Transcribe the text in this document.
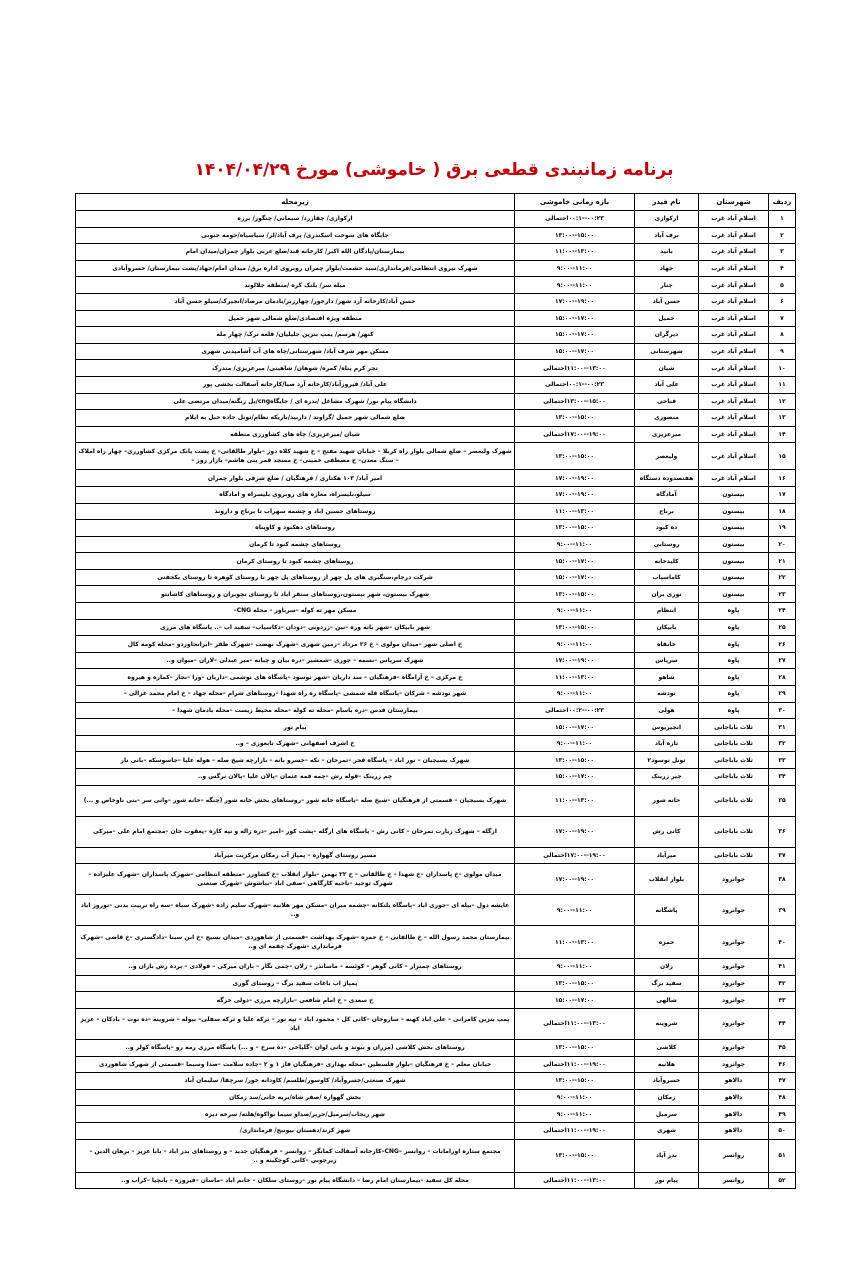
برنامه زمانبندی قطعی برق ( خاموشی) مورخ ۱۴۰۴/۰۴/۲۹
ردیف	شهرستان	نام فیدر	بازه زمانی خاموشی	زیرمحله
۱	اسلام آباد غرب	ارکوازی	۰۰:۲۳--۰۰:۱احتمالی	ارکوازی/ چقازرد/ سیمانی/ چنگور/ برزه
۲	اسلام آباد غرب	برف آباد	۱۵:۰۰--۱۳:۰۰	جایگاه های سوخت اسکندری/ برف آباد/لر/ سیاسیاه/حومه جنوبی
۳	اسلام آباد غرب	بانید	۱۳:۰۰--۱۱:۰۰	بیمارستان/پادگان الله اکبر/ کارخانه قند/ضلع غربی بلوار چمران/میدان امام
۴	اسلام آباد غرب	جهاد	۱۱:۰۰--۹:۰۰	شهرک نیروی انتظامی/فرمانداری/سید حشمت/بلوار چمران روبروی اداره برق/ میدان امام/جهاد/پشت بیمارستان/ خسروآبادی
۵	اسلام آباد غرب	چنار	۱۱:۰۰--۹:۰۰	میله سر/ بلنک کره /منطقه جلالوند
۶	اسلام آباد غرب	حسن آباد	۱۹:۰۰--۱۷:۰۰	حسن آباد/کارخانه آرد شهر/ دارخور/ چهارزبر/بادمان مرصاد/انجیرک/سیلو حسن آباد
۷	اسلام آباد غرب	حمیل	۱۷:۰۰--۱۵:۰۰	منطقه ویژه اقتصادی/ضلع شمالی شهر حمیل
۸	اسلام آباد غرب	دیرگران	۱۷:۰۰--۱۵:۰۰	کنهر/ هرسم/ پمپ بنزین جلیلیان/ قلعه ترک/ چهار مله
۹	اسلام آباد غرب	شهرستانی	۱۷:۰۰--۱۵:۰۰	مسکن مهر شرف آباد/ شهرستانی/چاه های آب آشامیدنی شهری
۱۰	اسلام آباد غرب	شیان	۱۳:۰۰--۱۱:۰۰احتمالی	تجر کرم پناه/ کمره/ شوهان/ شاهینی/ میرعزیزی/ مندرک
۱۱	اسلام آباد غرب	علی آباد	۰۰:۲۳--۰۰:۱احتمالی	علی آباد/ فیروزآباد/کارخانه آرد صبا/کارخانه آسفالت بخشی پور
۱۲	اسلام آباد غرب	فناحی	۱۵:۰۰--۱۳:۰۰احتمالی	دانشگاه پیام نور/ شهرک مشاغل /بدره ای / جایگاهcng/پل زنگنه/میدان مرتضی علی
۱۳	اسلام آباد غرب	منصوری	۱۵:۰۰--۱۳:۰۰	ضلع شمالی شهر حمیل /گراوند / داربید/باریکه نظام/تونل جاده حبل به ایلام
۱۴	اسلام آباد غرب	میرعزیزی	۱۹:۰۰--۱۷:۰۰احتمالی	شیان /میرعزیزی/ چاه های کشاورزی منطقه
۱۵	اسلام آباد غرب	ولیعصر	۱۵:۰۰--۱۳:۰۰	شهرک ولیعصر – ضلع شمالی بلوار راه کربلا – خیابان شهید مفتح – خ شهید کلاه دوز –بلوار طالقانی– خ پشت بانک مرکزی کشاورزی– چهار راه املاک – سنگ معدن– خ مصطفی خمینی– خ مسجد قمر بنی هاشم– بازار روز –
۱۶	اسلام آباد غرب	هفتصدوده دستگاه	۱۹:۰۰--۱۷:۰۰	امیر آباد/ ۱۰۳ هکتاری / فرهنگیان / ضلع شرقی بلوار چمران
۱۷	بیستون	آمادگاه	۱۹:۰۰--۱۷:۰۰	سیلو،بلیسراه، مغازه های روبروی بلیسراه و امادگاه
۱۸	بیستون	برناج	۱۳:۰۰--۱۱:۰۰	روستاهای حسین اباد و چشمه سهراب تا برناج و دارونذ
۱۹	بیستون	ده کبود	۱۵:۰۰--۱۳:۰۰	روستاهای دهکبود و کاویناه
۲۰	بیستون	روستایی	۱۱:۰۰--۹:۰۰	روستاهای چشمه کبود تا کرمان
۲۱	بیستون	کلیدخانه	۱۷:۰۰--۱۵:۰۰	روستاهای چشمه کبود تا روستای کرمان
۲۲	بیستون	کاماسیاب	۱۷:۰۰--۱۵:۰۰	شرکت درجام،سنگبری های پل چهر از روستاهای پل چهر تا روستای کوهره تا روستای یکجفتی
۲۳	بیستون	نوری بران	۱۵:۰۰--۱۳:۰۰	شهرک بیستون، شهر بیستون،روستاهای سنقر اباد تا روستای نجوبران و روستاهای کاشانتو
۲۴	پاوه	انتظام	۱۱:۰۰--۹:۰۰	مسکن مهر ته کوله –سرباور – محله CNG–
۲۵	پاوه	بابیکان	۱۵:۰۰--۱۳:۰۰	شهر بابیکان –شهر بانه وره –نین –زردویی –دودان –دکاسیاب– سفید اب –.. پاسگاه های مرزی
۲۶	پاوه	خانقاه	۱۱:۰۰--۹:۰۰	خ اصلی شهر –میدان مولوی – خ ۲۶ مرداد –زمین شهری –شهرک نهضت –شهرک ظفر –ابراتحاوردو –محله کومه کال
۲۷	پاوه	سرپاس	۱۹:۰۰--۱۷:۰۰	شهرک سرپاس –نسمه – جوری –شمشیر –دره بیان و چیانه –میر عبدلی –لاران –میوان و..
۲۸	پاوه	شاهو	۱۳:۰۰--۱۱:۰۰	خ مرکزی – خ آرامگاه –فرهنگیان – سد داریان –شهر نوسود –پاسگاه های نوشمی –داریان –ورا –نجار –کماره و هیروه
۲۹	پاوه	نودشه	۱۱:۰۰--۹:۰۰	شهر نودشه – شرکان –پاسگاه قله شمشی –پاسگاه ره راه شهدا –روستاهای شرام –محله جهاد – خ امام محمد غزالی –
۳۰	پاوه	هولی	۰۰:۲۳--۰۰:۲احتمالی	بیمارستان قدس –دره باسام –محله ته کوله –محله محیط زیست –محله بادمان شهدا –
۳۱	ثلاث باباجانی	انجیریوس	۱۷:۰۰--۱۵:۰۰	پیام نور
۳۲	ثلاث باباجانی	تازه آباد	۱۱:۰۰--۹:۰۰	خ اشرف اصفهانی –شهرک تابعوزی – و..
۳۳	ثلاث باباجانی	تونل نوسود۲	۱۵:۰۰--۱۳:۰۰	شهرک بسیجیان – نور اباد – پاسگاه قجر –تمرخان – نکه –خسرو بانه – بازارچه شیخ صله – هوله علیا –جاسوسکه –بانی نار
۳۴	ثلاث باباجانی	جیر زرینک	۱۷:۰۰--۱۵:۰۰	چم زرینک –قوله رش –چمه قمه عثمان –پالان علیا –پالان نرگس و..
۳۵	ثلاث باباجانی	خانه شور	۱۳:۰۰--۱۱:۰۰	شهرک بسیجیان – قسمتی از فرهنگیان –شیخ صله –پاسگاه خانه شور –روستاهای بخش خانه شور (چنگه –خانه شور –وانی سر –بنی ناوخاص و ...)
۳۶	ثلاث باباجانی	کانی رش	۱۹:۰۰--۱۷:۰۰	ازگله – شهرک زیارت تمرخان – کانی رش – پاسگاه های ازگله –پشت کور –امیر –دره زاله و تپه کاره –یعقوب جان –مجتمع امام علی –میرکی
۳۷	ثلاث باباجانی	میرآباد	۱۹:۰۰--۱۷:۰۰احتمالی	مسیر روستای گهواره – پمپاژ آب زمکان مرکزیت میرآباد
۳۸	جوانرود	بلوار انقلاب	۱۹:۰۰--۱۷:۰۰	میدان مولوی –خ پاسداران –خ شهدا – خ طالقانی – خ ۲۲ بهمن –بلوار انقلاب –خ کشاورز –منطقه انتظامی –شهرک پاسداران –شهرک علیزاده – شهرک توحید –ناحیه کارگاهی –صفی اباد –بیاشوش –شهرک صنعتی
۳۹	جوانرود	پاشگانه	۱۱:۰۰--۹:۰۰	عایشه دول –بیله ای –جوری اباد –پاسگاه بلنکانه –چشمه میران –مسکن مهر هلانیه –شهرک سلیم زاده –شهرک سپاه –سه راه تربیت بدنی –نوروز اباد و..
۴۰	جوانرود	حمزه	۱۳:۰۰--۱۱:۰۰	بیمارستان محمد رسول الله – خ طالقانی – خ حمزه –شهرک بهداشت –قسمتی از شاهوردی –میدان بسیج –خ ابن سینا –دادگستری –خ قاضی –شهرک فرمانداری –شهرک چقمه ای و..
۴۱	جوانرود	زلان	۱۱:۰۰--۹:۰۰	روستاهای چمنزار – کانی گوهر – کوئسه – ماسانذر – زلان –چمی نگار – بازان میرکی – فولادی – بردہ رش بازان و..
۴۲	جوانرود	سفید برگ	۱۵:۰۰--۱۳:۰۰	پمپاژ اب باغات سفید برگ – روستای گوری
۴۳	جوانرود	شالهی	۱۷:۰۰--۱۵:۰۰	خ سعدی – خ امام شافعی –بازارچه مرزی –دولی خرگه
۴۴	جوانرود	شروینه	۱۳:۰۰--۱۱:۰۰احتمالی	پمپ بنزین کامرانی – علی اباد کهنه – سازوخان –کانی کل – محمود اباد – تپه نور – ترکه علیا و ترکه سفلی– بیوله – شروینه –ده نوت – بادکان – عزیز اباد
۴۵	جوانرود	کلاشی	۱۵:۰۰--۱۳:۰۰	روستاهای بخش کلاشی (مزران و بیوند و بانی لوان –گلیاخی –ده سرخ – و ...) پاسگاه مرزی رمه رو –پاسگاه کولر و..
۴۶	جوانرود	هلانیه	۱۹:۰۰--۱۱:۰۰احتمالی	خیابان معلم – خ فرهنگیان –بلوار فلسطین –محله بهداری –فرهنگیان فاز ۱ و ۲ –جاده سلامت –صدا وسیما –قسمتی از شهرک شاهوردی
۴۷	دالاهو	خسروآباد	۱۵:۰۰--۱۳:۰۰	شهرک صنعتی/خسروآباد/ کاوسور/طلسم/ کاودانه خور/ سرچقا/ سلیمان آباد
۴۸	دالاهو	زمکان	۱۱:۰۰--۹:۰۰	بخش گهواره /صفر شاه/بریه خانی/سد زمکان
۴۹	دالاهو	سرمیل	۱۱:۰۰--۹:۰۰	شهر ریجاب/سرمیل/حریر/صداو سیما نواکوه/هلته/ سرخه دیزه
۵۰	دالاهو	شهری	۱۹:۰۰--۱۱:۰۰احتمالی	شهر کرند/دهستان بیونیج/ فرمانداری/
۵۱	روانسر	بدر آباد	۱۵:۰۰--۱۳:۰۰	مجتمع ستاره اورامانات – روانسر –CNG–کارخانه آسفالت کمانگر – روانسر – فرهنگیان جدید – و روستاهای بدر اباد – بابا عزیز – برهان الدین – زیرجوبی –کانی کوچکینه و ..
۵۲	روانسر	پیام نور	۱۳:۰۰--۱۱:۰۰احتمالی	محله کل سفید –بیمارستان امام رضا – دانشگاه پیام نور –روستای سلکان – خانم اباد –ماسان –فیروزه – بانچیا –کراب و..
